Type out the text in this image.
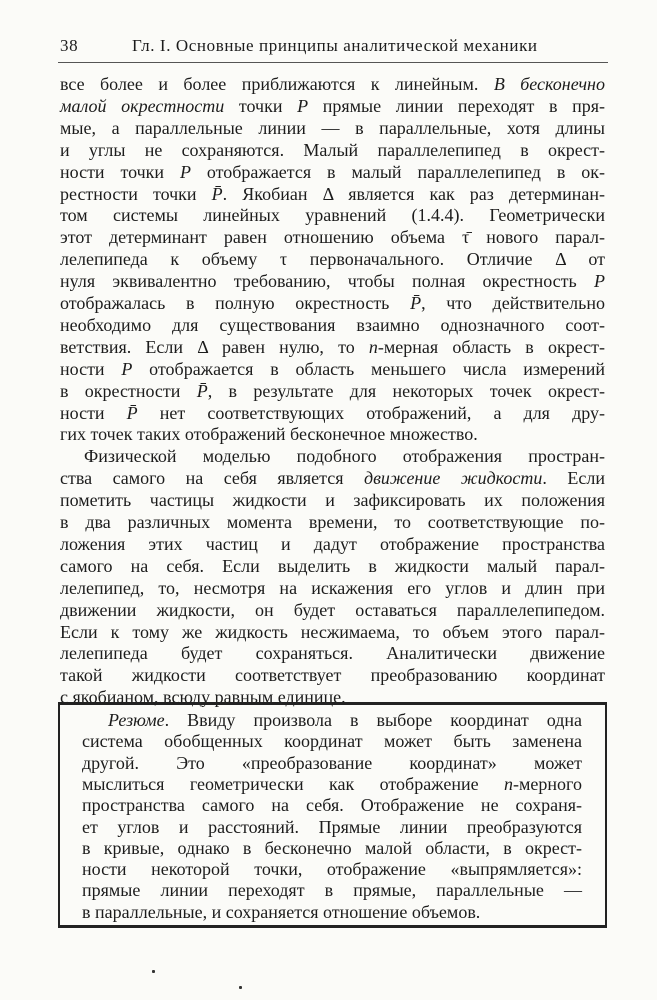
38	Гл. I. Основные принципы аналитической механики
все более и более приближаются к линейным. В бесконечно
малой окрестности точки P прямые линии переходят в пря-
мые, а параллельные линии — в параллельные, хотя длины
и углы не сохраняются. Малый параллелепипед в окрест-
ности точки P отображается в малый параллелепипед в ок-
рестности точки P̄. Якобиан Δ является как раз детерминан-
том системы линейных уравнений (1.4.4). Геометрически
этот детерминант равен отношению объема τ̄ нового парал-
лелепипеда к объему τ первоначального. Отличие Δ от
нуля эквивалентно требованию, чтобы полная окрестность P
отображалась в полную окрестность P̄, что действительно
необходимо для существования взаимно однозначного соот-
ветствия. Если Δ равен нулю, то n-мерная область в окрест-
ности P отображается в область меньшего числа измерений
в окрестности P̄, в результате для некоторых точек окрест-
ности P̄ нет соответствующих отображений, а для дру-
гих точек таких отображений бесконечное множество.
Физической моделью подобного отображения простран-
ства самого на себя является движение жидкости. Если
пометить частицы жидкости и зафиксировать их положения
в два различных момента времени, то соответствующие по-
ложения этих частиц и дадут отображение пространства
самого на себя. Если выделить в жидкости малый парал-
лелепипед, то, несмотря на искажения его углов и длин при
движении жидкости, он будет оставаться параллелепипедом.
Если к тому же жидкость несжимаема, то объем этого парал-
лелепипеда будет сохраняться. Аналитически движение
такой жидкости соответствует преобразованию координат
с якобианом, всюду равным единице.
Резюме. Ввиду произвола в выборе координат одна
система обобщенных координат может быть заменена
другой. Это «преобразование координат» может
мыслиться геометрически как отображение n-мерного
пространства самого на себя. Отображение не сохраня-
ет углов и расстояний. Прямые линии преобразуются
в кривые, однако в бесконечно малой области, в окрест-
ности некоторой точки, отображение «выпрямляется»:
прямые линии переходят в прямые, параллельные —
в параллельные, и сохраняется отношение объемов.
